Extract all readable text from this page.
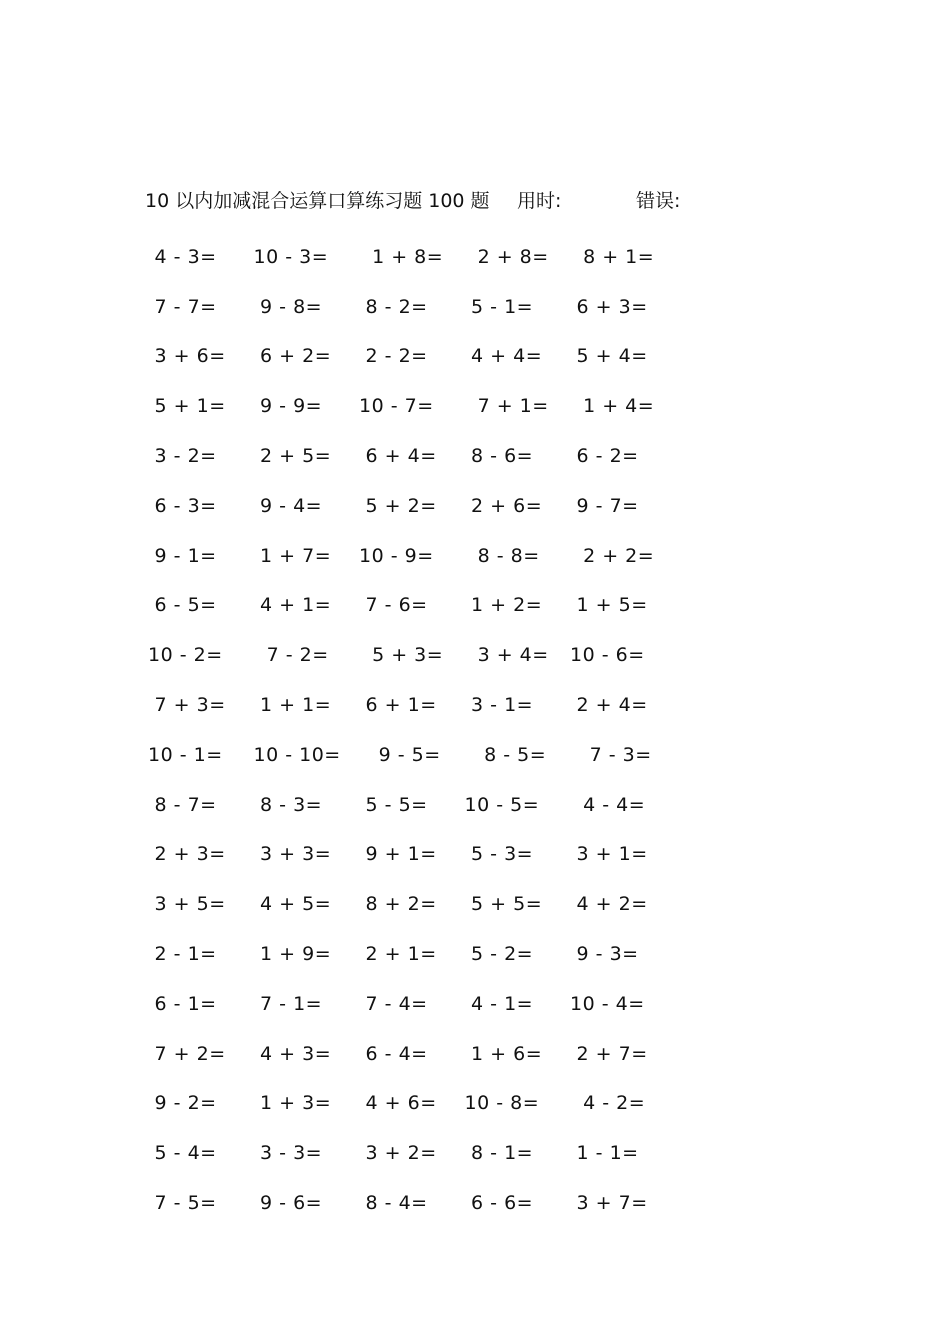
10 以内加减混合运算口算练习题 100 题 用时:	错误:
4 - 3=	10 - 3=	1 + 8=	2 + 8=	8 + 1=
7 - 7=	9 - 8=	8 - 2=	5 - 1=	6 + 3=
3 + 6=	6 + 2=	2 - 2=	4 + 4=	5 + 4=
5 + 1=	9 - 9=	10 - 7=	7 + 1=	1 + 4=
3 - 2=	2 + 5=	6 + 4=	8 - 6=	6 - 2=
6 - 3=	9 - 4=	5 + 2=	2 + 6=	9 - 7=
9 - 1=	1 + 7=	10 - 9=	8 - 8=	2 + 2=
6 - 5=	4 + 1=	7 - 6=	1 + 2=	1 + 5=
10 - 2=	7 - 2=	5 + 3=	3 + 4=	10 - 6=
7 + 3=	1 + 1=	6 + 1=	3 - 1=	2 + 4=
10 - 1=	10 - 10= 9 - 5=	8 - 5=	7 - 3=
8 - 7=	8 - 3=	5 - 5=	10 - 5=	4 - 4=
2 + 3=	3 + 3=	9 + 1=	5 - 3=	3 + 1=
3 + 5=	4 + 5=	8 + 2=	5 + 5=	4 + 2=
2 - 1=	1 + 9=	2 + 1=	5 - 2=	9 - 3=
6 - 1=	7 - 1=	7 - 4=	4 - 1=	10 - 4=
7 + 2=	4 + 3=	6 - 4=	1 + 6=	2 + 7=
9 - 2=	1 + 3=	4 + 6=	10 - 8=	4 - 2=
5 - 4=	3 - 3=	3 + 2=	8 - 1=	1 - 1=
7 - 5=	9 - 6=	8 - 4=	6 - 6=	3 + 7=
